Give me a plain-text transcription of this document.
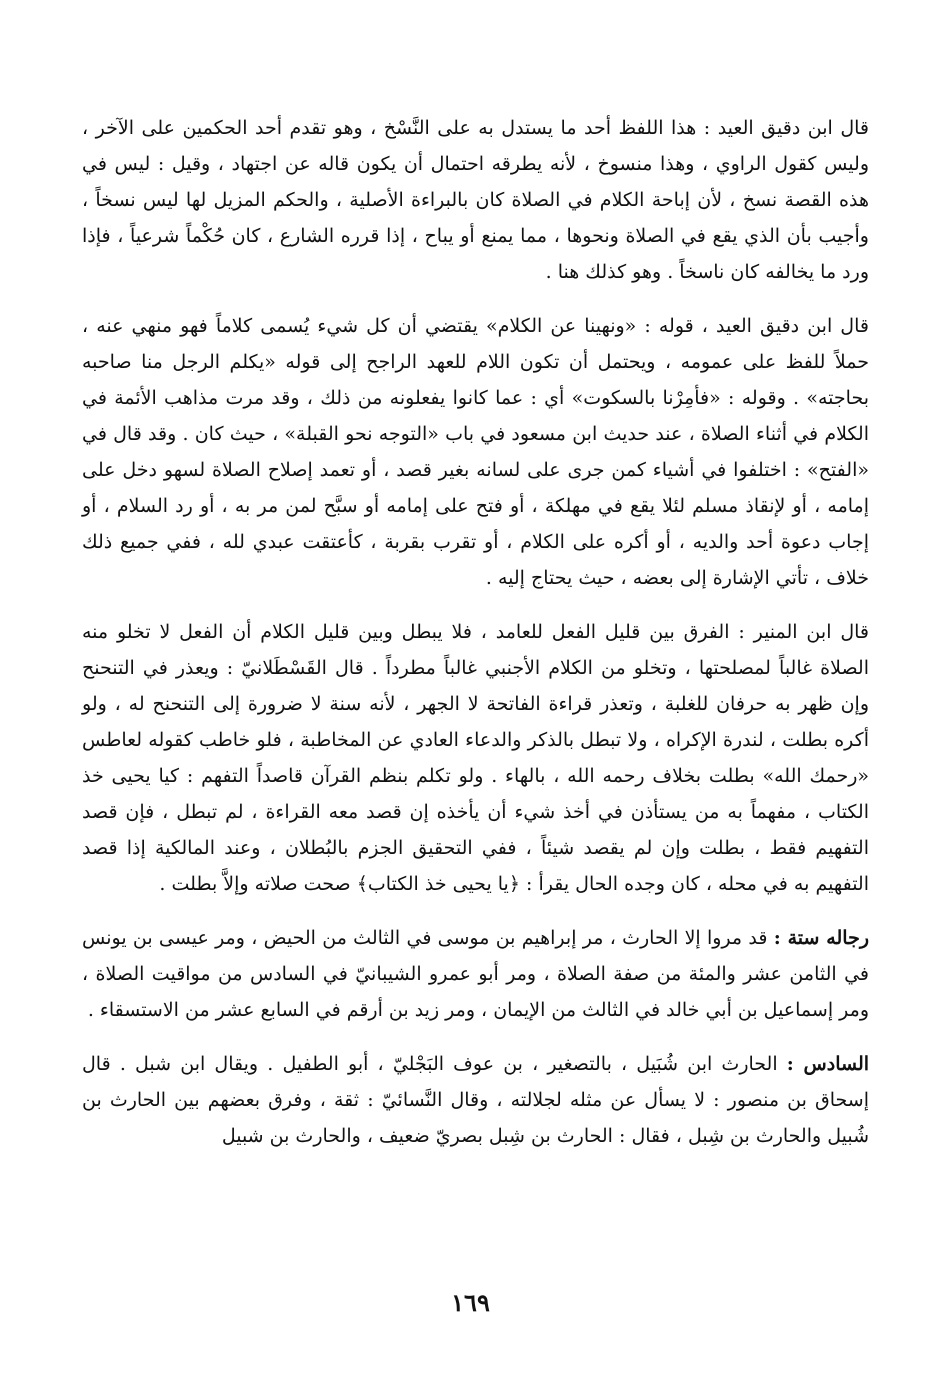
قال ابن دقيق العيد : هذا اللفظ أحد ما يستدل به على النَّسْخ ، وهو تقدم أحد الحكمين على الآخر ، وليس كقول الراوي ، وهذا منسوخ ، لأنه يطرقه احتمال أن يكون قاله عن اجتهاد ، وقيل : ليس في هذه القصة نسخ ، لأن إباحة الكلام في الصلاة كان بالبراءة الأصلية ، والحكم المزيل لها ليس نسخاً ، وأجيب بأن الذي يقع في الصلاة ونحوها ، مما يمنع أو يباح ، إذا قرره الشارع ، كان حُكْماً شرعياً ، فإذا ورد ما يخالفه كان ناسخاً . وهو كذلك هنا .

قال ابن دقيق العيد ، قوله : «ونهينا عن الكلام» يقتضي أن كل شيء يُسمى كلاماً فهو منهي عنه ، حملاً للفظ على عمومه ، ويحتمل أن تكون اللام للعهد الراجح إلى قوله «يكلم الرجل منا صاحبه بحاجته» . وقوله : «فأمِرْنا بالسكوت» أي : عما كانوا يفعلونه من ذلك ، وقد مرت مذاهب الأئمة في الكلام في أثناء الصلاة ، عند حديث ابن مسعود في باب «التوجه نحو القبلة» ، حيث كان . وقد قال في «الفتح» : اختلفوا في أشياء كمن جرى على لسانه بغير قصد ، أو تعمد إصلاح الصلاة لسهو دخل على إمامه ، أو لإنقاذ مسلم لئلا يقع في مهلكة ، أو فتح على إمامه أو سبَّح لمن مر به ، أو رد السلام ، أو إجاب دعوة أحد والديه ، أو أكره على الكلام ، أو تقرب بقربة ، كأعتقت عبدي لله ، ففي جميع ذلك خلاف ، تأتي الإشارة إلى بعضه ، حيث يحتاج إليه .

قال ابن المنير : الفرق بين قليل الفعل للعامد ، فلا يبطل وبين قليل الكلام أن الفعل لا تخلو منه الصلاة غالباً لمصلحتها ، وتخلو من الكلام الأجنبي غالباً مطرداً . قال القَسْطَلانيّ : ويعذر في التنحنح وإن ظهر به حرفان للغلبة ، وتعذر قراءة الفاتحة لا الجهر ، لأنه سنة لا ضرورة إلى التنحنح له ، ولو أكره بطلت ، لندرة الإكراه ، ولا تبطل بالذكر والدعاء العادي عن المخاطبة ، فلو خاطب كقوله لعاطس «رحمك الله» بطلت بخلاف رحمه الله ، بالهاء . ولو تكلم بنظم القرآن قاصداً التفهم : كيا يحيى خذ الكتاب ، مفهماً به من يستأذن في أخذ شيء أن يأخذه إن قصد معه القراءة ، لم تبطل ، فإن قصد التفهيم فقط ، بطلت وإن لم يقصد شيئاً ، ففي التحقيق الجزم بالبُطلان ، وعند المالكية إذا قصد التفهيم به في محله ، كان وجده الحال يقرأ : ﴿يا يحيى خذ الكتاب﴾ صحت صلاته وإلاَّ بطلت .

رجاله ستة : قد مروا إلا الحارث ، مر إبراهيم بن موسى في الثالث من الحيض ، ومر عيسى بن يونس في الثامن عشر والمئة من صفة الصلاة ، ومر أبو عمرو الشيبانيّ في السادس من مواقيت الصلاة ، ومر إسماعيل بن أبي خالد في الثالث من الإيمان ، ومر زيد بن أرقم في السابع عشر من الاستسقاء .

السادس : الحارث ابن شُبَيل ، بالتصغير ، بن عوف البَجْليّ ، أبو الطفيل . ويقال ابن شبل . قال إسحاق بن منصور : لا يسأل عن مثله لجلالته ، وقال النَّسائيّ : ثقة ، وفرق بعضهم بين الحارث بن شُبيل والحارث بن شِبل ، فقال : الحارث بن شِبل بصريّ ضعيف ، والحارث بن شبيل

١٦٩
